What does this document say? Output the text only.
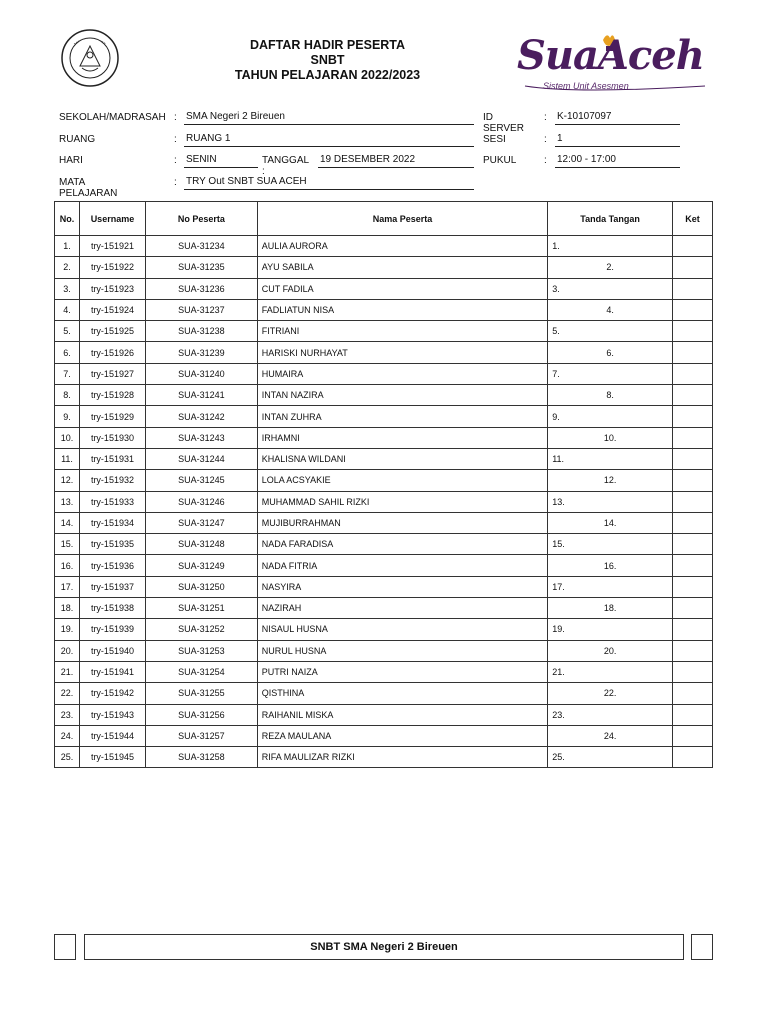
DAFTAR HADIR PESERTA
SNBT
TAHUN PELAJARAN 2022/2023	SuaAceh
Sistem Unit Asesmen
SEKOLAH/MADRASAH : SMA Negeri 2 Bireuen
RUANG	: RUANG 1
HARI	: SENIN	TANGGAL :
19 DESEMBER 2022
MATA PELAJARAN
: TRY Out SNBT SUA ACEH
ID SERVER
: K-10107097
SESI	: 1
PUKUL	: 12:00 - 17:00
No.	Username	No Peserta	Nama Peserta	Tanda Tangan	Ket
1.	try-151921	SUA-31234	AULIA AURORA	1.	
2.	try-151922	SUA-31235	AYU SABILA	2.	
3.	try-151923	SUA-31236	CUT FADILA	3.	
4.	try-151924	SUA-31237	FADLIATUN NISA	4.	
5.	try-151925	SUA-31238	FITRIANI	5.	
6.	try-151926	SUA-31239	HARISKI NURHAYAT	6.	
7.	try-151927	SUA-31240	HUMAIRA	7.	
8.	try-151928	SUA-31241	INTAN NAZIRA	8.	
9.	try-151929	SUA-31242	INTAN ZUHRA	9.	
10.	try-151930	SUA-31243	IRHAMNI	10.	
11.	try-151931	SUA-31244	KHALISNA WILDANI	11.	
12.	try-151932	SUA-31245	LOLA ACSYAKIE	12.	
13.	try-151933	SUA-31246	MUHAMMAD SAHIL RIZKI	13.	
14.	try-151934	SUA-31247	MUJIBURRAHMAN	14.	
15.	try-151935	SUA-31248	NADA FARADISA	15.	
16.	try-151936	SUA-31249	NADA FITRIA	16.	
17.	try-151937	SUA-31250	NASYIRA	17.	
18.	try-151938	SUA-31251	NAZIRAH	18.	
19.	try-151939	SUA-31252	NISAUL HUSNA	19.	
20.	try-151940	SUA-31253	NURUL HUSNA	20.	
21.	try-151941	SUA-31254	PUTRI NAIZA	21.	
22.	try-151942	SUA-31255	QISTHINA	22.	
23.	try-151943	SUA-31256	RAIHANIL MISKA	23.	
24.	try-151944	SUA-31257	REZA MAULANA	24.	
25.	try-151945	SUA-31258	RIFA MAULIZAR RIZKI	25.	
SNBT SMA Negeri 2 Bireuen
